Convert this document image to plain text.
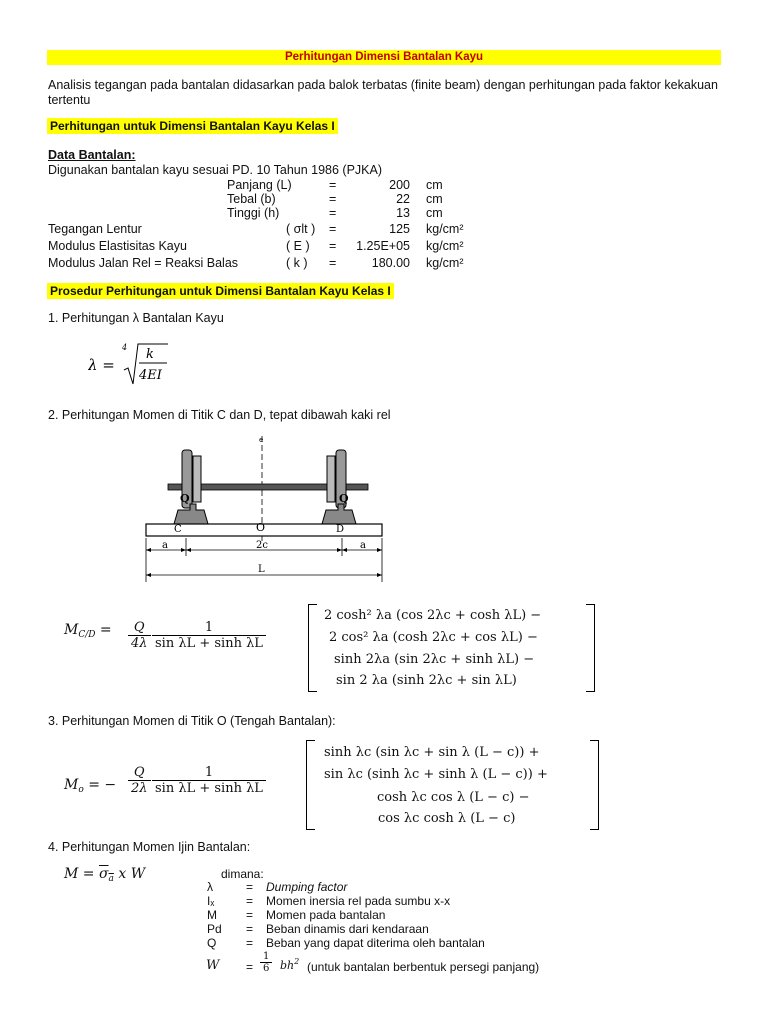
Perhitungan Dimensi Bantalan Kayu
Analisis tegangan pada bantalan didasarkan pada balok terbatas (finite beam) dengan perhitungan pada faktor kekakuan tertentu
Perhitungan untuk Dimensi Bantalan Kayu Kelas I
Data Bantalan:
Digunakan bantalan kayu sesuai PD. 10 Tahun 1986 (PJKA)
Panjang (L)	=	200 cm
Tebal (b)	=	22 cm
Tinggi (h)	=	13 cm
Tegangan Lentur	( σlt )	=	125 kg/cm²
Modulus Elastisitas Kayu	( E )	=	1.25E+05 kg/cm²
Modulus Jalan Rel = Reaksi Balas	( k )	=	180.00 kg/cm²
Prosedur Perhitungan untuk Dimensi Bantalan Kayu Kelas I
1. Perhitungan λ Bantalan Kayu
λ =
4 k
4EI
2. Perhitungan Momen di Titik C dan D, tepat dibawah kaki rel
e
Q	Q
C	O	D
a	2c	a
L
$M_{C/D} = \frac{Q}{4\lambda} \frac{1}{\text{sin λL + sinh λL}}$
2 cosh² λa (cos 2λc + cosh λL) −
2 cos² λa (cosh 2λc + cos λL) −
sinh 2λa (sin 2λc + sinh λL) −
sin 2 λa (sinh 2λc + sin λL)
3. Perhitungan Momen di Titik O (Tengah Bantalan):
$M_o$ = − $\frac{Q}{2\lambda} \frac{1}{\text{sin λL + sinh λL}}$
sinh λc (sin λc + sin λ (L − c)) +
sin λc (sinh λc + sinh λ (L − c)) +
cosh λc cos λ (L − c) −
cos λc cosh λ (L − c)
4. Perhitungan Momen Ijin Bantalan:
$M = \sigma_a$ x W	dimana:
λ	= Dumping factor
Iₓ	= Momen inersia rel pada sumbu x-x
M = Momen pada bantalan
Pd = Beban dinamis dari kendaraan
Q = Beban yang dapat diterima oleh bantalan
$W = \frac{1}{6} bh^2$ (untuk bantalan berbentuk persegi panjang)
